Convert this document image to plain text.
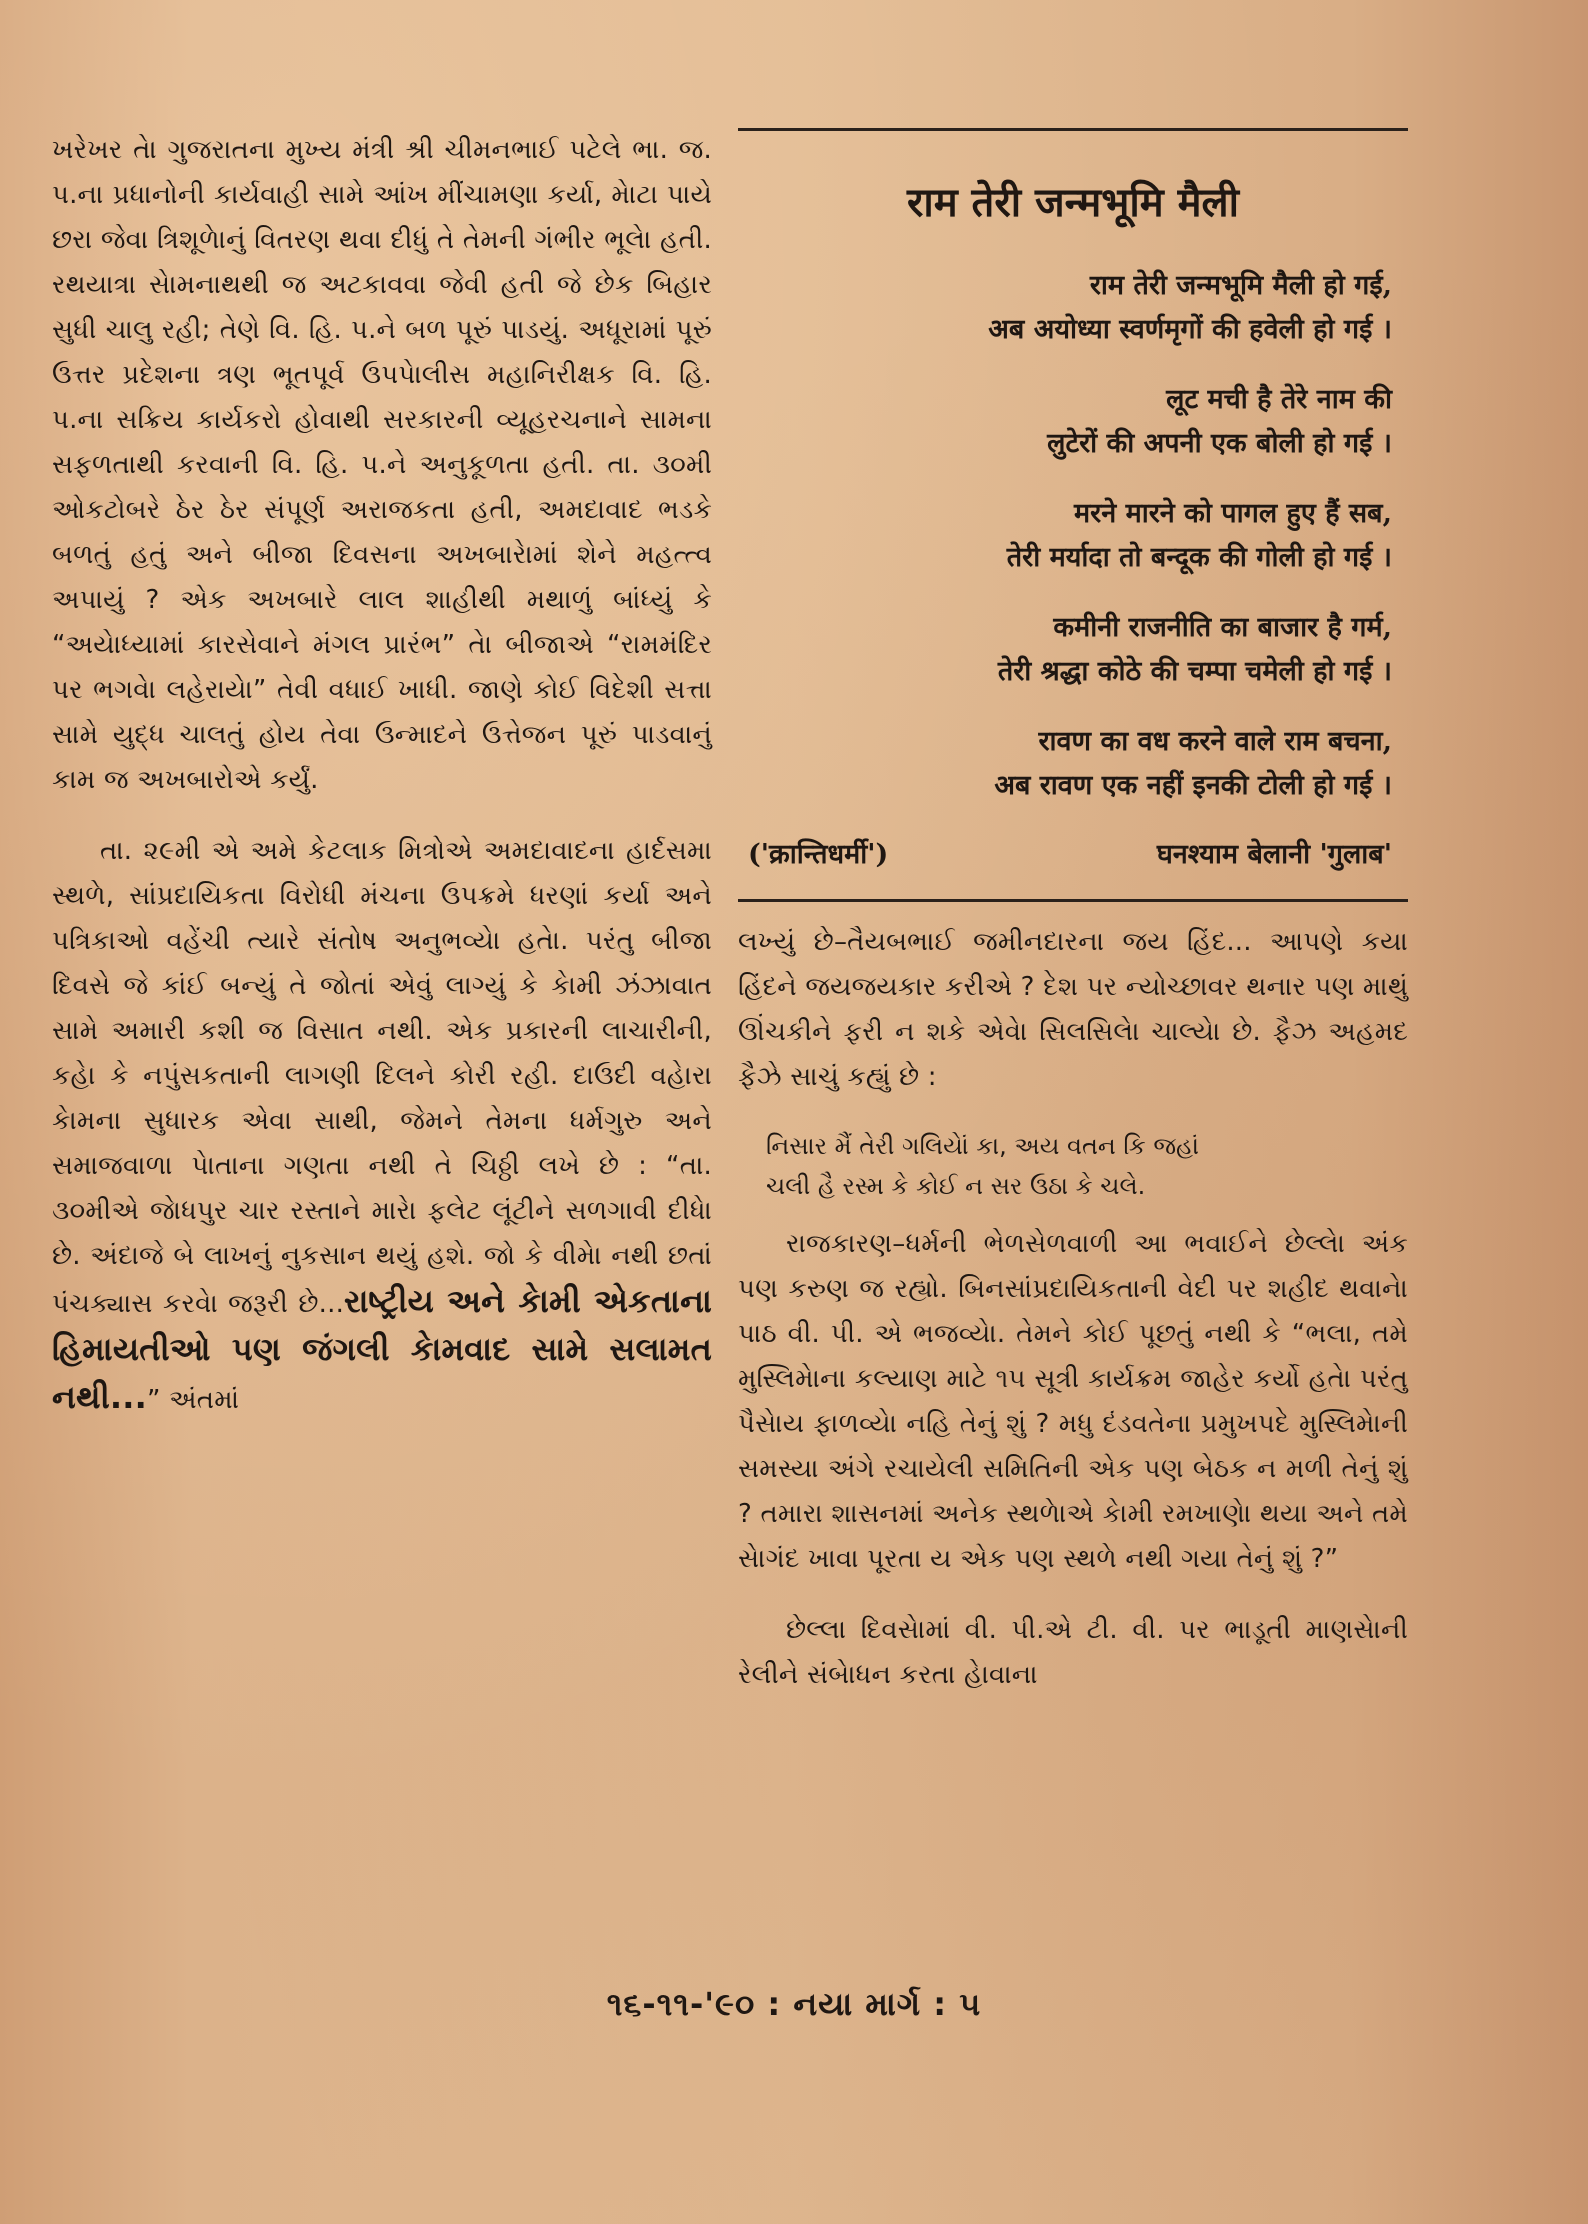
ખરેખર તેા ગુજરાતના મુખ્ય મંત્રી શ્રી ચીમનભાઈ પટેલે ભા. જ. પ.ના પ્રધાનોની કાર્યવાહી સામે આંખ મીંચામણા કર્યા, મેાટા પાયે છરા જેવા ત્રિશૂળેાનું વિતરણ થવા દીધું તે તેમની ગંભીર ભૂલેા હતી. રથયાત્રા સેામનાથથી જ અટકાવવા જેવી હતી જે છેક બિહાર સુધી ચાલુ રહી; તેણે વિ. હિ. પ.ને બળ પૂરું પાડયું. અધૂરામાં પૂરું ઉત્તર પ્રદેશના ત્રણ ભૂતપૂર્વ ઉપપેાલીસ મહાનિરીક્ષક વિ. હિ. પ.ના સક્રિય કાર્યકરો હોવાથી સરકારની વ્યૂહરચનાને સામના સફળતાથી કરવાની વિ. હિ. પ.ને અનુકૂળતા હતી. તા. ૩૦મી ઓકટોબરે ઠેર ઠેર સંપૂર્ણ અરાજકતા હતી, અમદાવાદ ભડકે બળતું હતું અને બીજા દિવસના અખબારેામાં શેને મહત્ત્વ અપાયું ? એક અખબારે લાલ શાહીથી મથાળું બાંધ્યું કે “અયેાધ્યામાં કારસેવાને મંગલ પ્રારંભ” તેા બીજાએ “રામમંદિર પર ભગવેા લહેરાયેા” તેવી વધાઈ ખાધી. જાણે કોઈ વિદેશી સત્તા સામે યુદ્ધ ચાલતું હોય તેવા ઉન્માદને ઉત્તેજન પૂરું પાડવાનું કામ જ અખબારોએ કર્યું.

તા. ૨૯મી એ અમે કેટલાક મિત્રોએ અમદાવાદના હાર્દસમા સ્થળે, સાંપ્રદાયિકતા વિરોધી મંચના ઉપક્રમે ધરણાં કર્યા અને પત્રિકાઓ વહેંચી ત્યારે સંતોષ અનુભવ્યેા હતેા. પરંતુ બીજા દિવસે જે કાંઈ બન્યું તે જોતાં એવું લાગ્યું કે કેામી ઝંઝાવાત સામે અમારી કશી જ વિસાત નથી. એક પ્રકારની લાચારીની, કહેા કે નપુંસકતાની લાગણી દિલને કોરી રહી. દાઉદી વહેારા કેામના સુધારક એવા સાથી, જેમને તેમના ધર્મગુરુ અને સમાજવાળા પેાતાના ગણતા નથી તે ચિઠ્ઠી લખે છે : “તા. ૩૦મીએ જેાધપુર ચાર રસ્તાને મારેા ફલેટ લૂંટીને સળગાવી દીધેા છે. અંદાજે બે લાખનું નુકસાન થયું હશે. જો કે વીમેા નથી છતાં પંચક્યાસ કરવેા જરૂરી છે...રાષ્ટ્રીય અને કેામી એકતાના હિમાયતીઓ પણ જંગલી કેામવાદ સામે સલામત નથી...” અંતમાં

राम तेरी जन्मभूमि मैली
राम तेरी जन्मभूमि मैली हो गई,
अब अयोध्या स्वर्णमृगों की हवेली हो गई ।
लूट मची है तेरे नाम की
लुटेरों की अपनी एक बोली हो गई ।
मरने मारने को पागल हुए हैं सब,
तेरी मर्यादा तो बन्दूक की गोली हो गई ।
कमीनी राजनीति का बाजार है गर्म,
तेरी श्रद्धा कोठे की चम्पा चमेली हो गई ।
रावण का वध करने वाले राम बचना,
अब रावण एक नहीं इनकी टोली हो गई ।
('क्रान्तिधर्मी')	घनश्याम बेलानी 'गुलाब'

લખ્યું છે–તૈયબભાઈ જમીનદારના જય હિંદ... આપણે કયા હિંદને જયજયકાર કરીએ ? દેશ પર ન્યોચ્છાવર થનાર પણ માથું ઊંચકીને ફરી ન શકે એવેા સિલસિલેા ચાલ્યેા છે. ફૈઝ અહમદ ફૈઝે સાચું કહ્યું છે :

નિસાર મૈં તેરી ગલિયેાં કા, અય વતન કિ જહાં
ચલી હૈ રસ્મ કે કોઈ ન સર ઉઠા કે ચલે.

રાજકારણ–ધર્મની ભેળસેળવાળી આ ભવાઈને છેલ્લેા અંક પણ કરુણ જ રહ્યો. બિનસાંપ્રદાયિકતાની વેદી પર શહીદ થવાનેા પાઠ વી. પી. એ ભજવ્યેા. તેમને કોઈ પૂછતું નથી કે “ભલા, તમે મુસ્લિમેાના કલ્યાણ માટે ૧૫ સૂત્રી કાર્યક્રમ જાહેર કર્યો હતેા પરંતુ પૈસેાય ફાળવ્યેા નહિ તેનું શું ? મધુ દંડવતેના પ્રમુખપદે મુસ્લિમેાની સમસ્યા અંગે રચાયેલી સમિતિની એક પણ બેઠક ન મળી તેનું શું ? તમારા શાસનમાં અનેક સ્થળેાએ કેામી રમખાણેા થયા અને તમે સેાગંદ ખાવા પૂરતા ય એક પણ સ્થળે નથી ગયા તેનું શું ?”

છેલ્લા દિવસેામાં વી. પી.એ ટી. વી. પર ભાડૂતી માણસેાની રેલીને સંબેાધન કરતા હેાવાના

૧૬-૧૧-'૯૦ : નયા માર્ગ : ૫
